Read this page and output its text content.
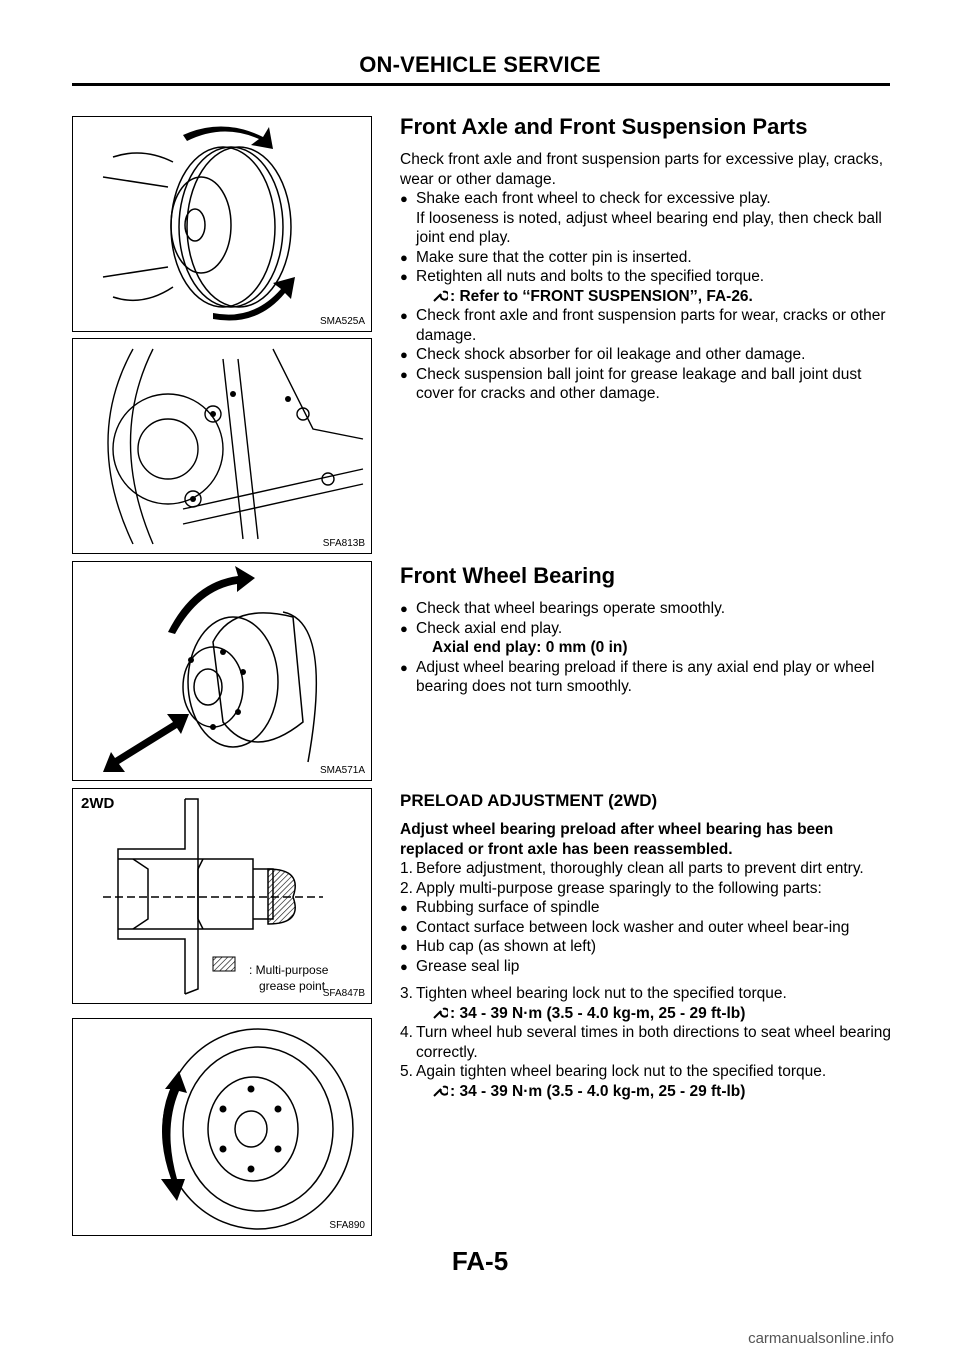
ON-VEHICLE SERVICE
SMA525A
SFA813B
SMA571A
2WD
: Multi-purpose
grease point
SFA847B
SFA890
Front Axle and Front Suspension Parts

Check front axle and front suspension parts for excessive play, cracks, wear or other damage.

● Shake each front wheel to check for excessive play.

If looseness is noted, adjust wheel bearing end play, then check ball joint end play.

● Make sure that the cotter pin is inserted.
● Retighten all nuts and bolts to the specified torque.
: Refer to ‘‘FRONT SUSPENSION’’, FA-26.
● Check front axle and front suspension parts for wear, cracks or other damage.
● Check shock absorber for oil leakage and other damage.
● Check suspension ball joint for grease leakage and ball joint dust cover for cracks and other damage.
Front Wheel Bearing
● Check that wheel bearings operate smoothly.
● Check axial end play.

Axial end play: 0 mm (0 in)

● Adjust wheel bearing preload if there is any axial end play or wheel bearing does not turn smoothly.
PRELOAD ADJUSTMENT (2WD)

Adjust wheel bearing preload after wheel bearing has been replaced or front axle has been reassembled.

1. Before adjustment, thoroughly clean all parts to prevent dirt entry.
2. Apply multi-purpose grease sparingly to the following parts:
● Rubbing surface of spindle
● Contact surface between lock washer and outer wheel bear-ing
● Hub cap (as shown at left)
● Grease seal lip
3. Tighten wheel bearing lock nut to the specified torque.
: 34 - 39 N·m (3.5 - 4.0 kg-m, 25 - 29 ft-lb)
4. Turn wheel hub several times in both directions to seat wheel bearing correctly.
5. Again tighten wheel bearing lock nut to the specified torque.
: 34 - 39 N·m (3.5 - 4.0 kg-m, 25 - 29 ft-lb)
FA-5
carmanualsonline.info
